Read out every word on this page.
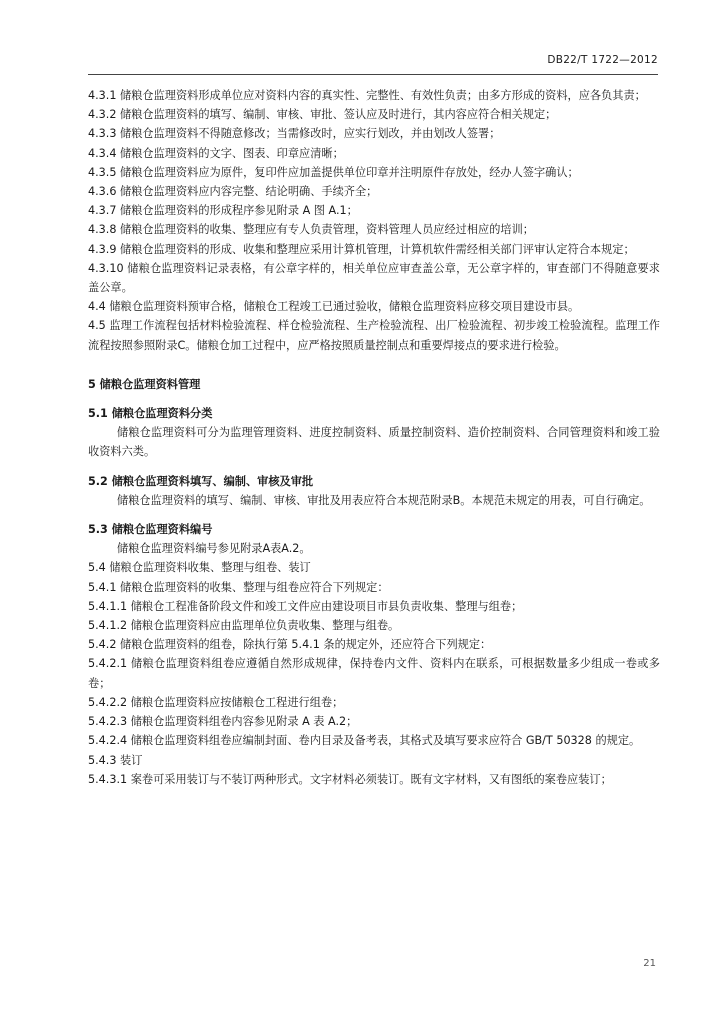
DB22/T 1722—2012

4.3.1 储粮仓监理资料形成单位应对资料内容的真实性、完整性、有效性负责；由多方形成的资料，应各负其责；

4.3.2 储粮仓监理资料的填写、编制、审核、审批、签认应及时进行，其内容应符合相关规定；

4.3.3 储粮仓监理资料不得随意修改；当需修改时，应实行划改，并由划改人签署；

4.3.4 储粮仓监理资料的文字、图表、印章应清晰；

4.3.5 储粮仓监理资料应为原件，复印件应加盖提供单位印章并注明原件存放处，经办人签字确认；

4.3.6 储粮仓监理资料应内容完整、结论明确、手续齐全；

4.3.7 储粮仓监理资料的形成程序参见附录 A 图 A.1；

4.3.8 储粮仓监理资料的收集、整理应有专人负责管理，资料管理人员应经过相应的培训；

4.3.9 储粮仓监理资料的形成、收集和整理应采用计算机管理，计算机软件需经相关部门评审认定符合本规定；

4.3.10 储粮仓监理资料记录表格，有公章字样的，相关单位应审查盖公章，无公章字样的，审查部门不得随意要求盖公章。

4.4 储粮仓监理资料预审合格，储粮仓工程竣工已通过验收，储粮仓监理资料应移交项目建设市县。

4.5 监理工作流程包括材料检验流程、样仓检验流程、生产检验流程、出厂检验流程、初步竣工检验流程。监理工作流程按照参照附录C。储粮仓加工过程中，应严格按照质量控制点和重要焊接点的要求进行检验。

5 储粮仓监理资料管理

5.1 储粮仓监理资料分类

储粮仓监理资料可分为监理管理资料、进度控制资料、质量控制资料、造价控制资料、合同管理资料和竣工验收资料六类。

5.2 储粮仓监理资料填写、编制、审核及审批

储粮仓监理资料的填写、编制、审核、审批及用表应符合本规范附录B。本规范未规定的用表，可自行确定。

5.3 储粮仓监理资料编号

储粮仓监理资料编号参见附录A表A.2。

5.4 储粮仓监理资料收集、整理与组卷、装订

5.4.1 储粮仓监理资料的收集、整理与组卷应符合下列规定：

5.4.1.1 储粮仓工程准备阶段文件和竣工文件应由建设项目市县负责收集、整理与组卷；

5.4.1.2 储粮仓监理资料应由监理单位负责收集、整理与组卷。

5.4.2 储粮仓监理资料的组卷，除执行第 5.4.1 条的规定外，还应符合下列规定：

5.4.2.1 储粮仓监理资料组卷应遵循自然形成规律，保持卷内文件、资料内在联系，可根据数量多少组成一卷或多卷；

5.4.2.2 储粮仓监理资料应按储粮仓工程进行组卷；

5.4.2.3 储粮仓监理资料组卷内容参见附录 A 表 A.2；

5.4.2.4 储粮仓监理资料组卷应编制封面、卷内目录及备考表，其格式及填写要求应符合 GB/T 50328 的规定。

5.4.3 装订

5.4.3.1 案卷可采用装订与不装订两种形式。文字材料必须装订。既有文字材料，又有图纸的案卷应装订；

21
